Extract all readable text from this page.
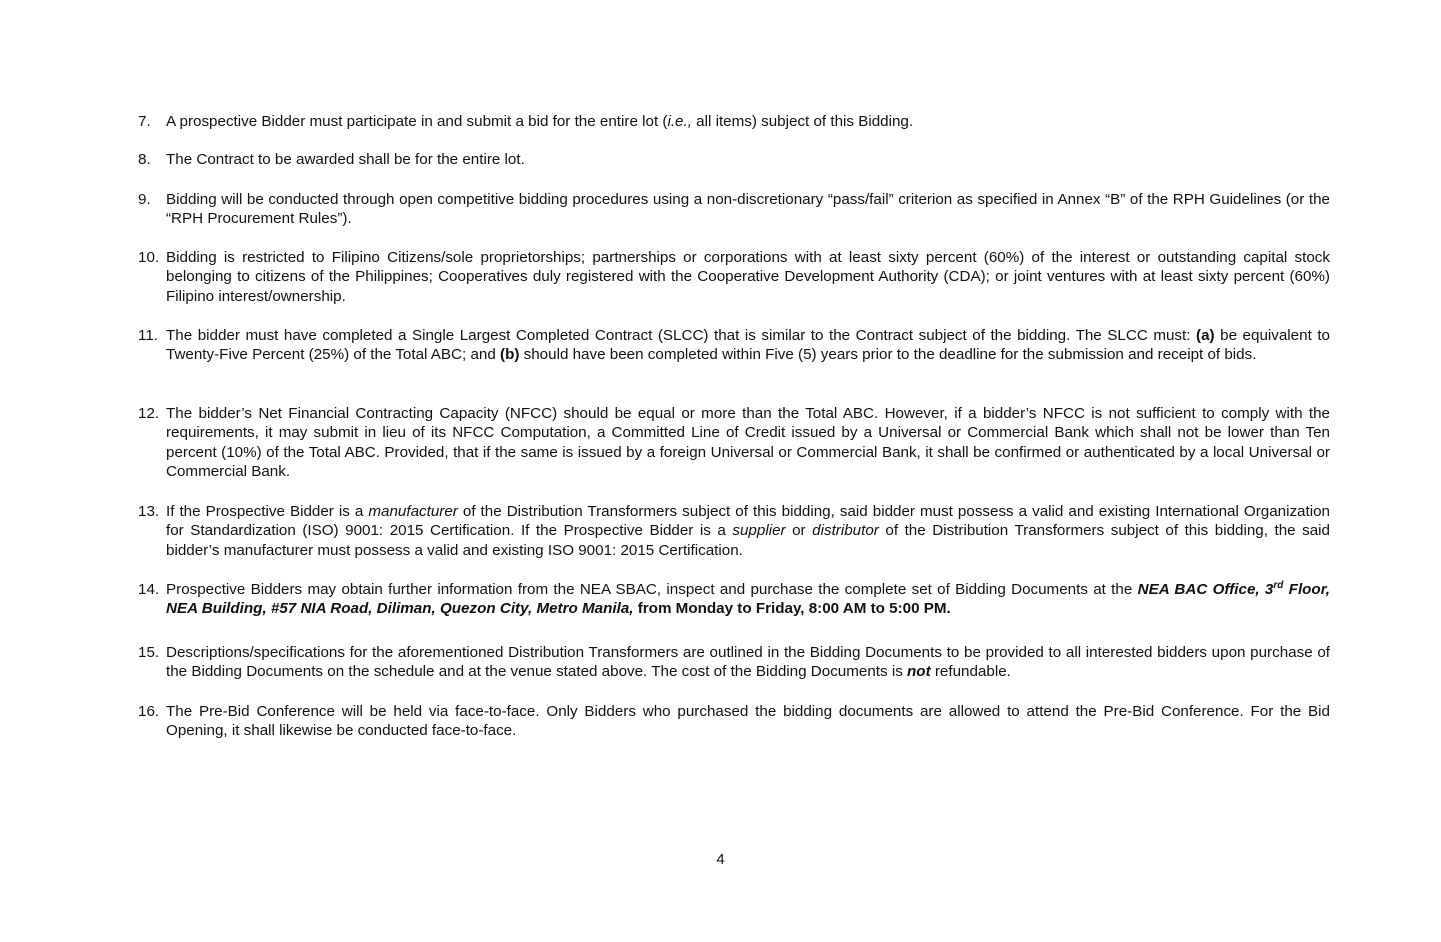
7. A prospective Bidder must participate in and submit a bid for the entire lot (i.e., all items) subject of this Bidding.
8. The Contract to be awarded shall be for the entire lot.
9. Bidding will be conducted through open competitive bidding procedures using a non-discretionary “pass/fail” criterion as specified in Annex “B” of the RPH Guidelines (or the “RPH Procurement Rules”).
10. Bidding is restricted to Filipino Citizens/sole proprietorships; partnerships or corporations with at least sixty percent (60%) of the interest or outstanding capital stock belonging to citizens of the Philippines; Cooperatives duly registered with the Cooperative Development Authority (CDA); or joint ventures with at least sixty percent (60%) Filipino interest/ownership.
11. The bidder must have completed a Single Largest Completed Contract (SLCC) that is similar to the Contract subject of the bidding. The SLCC must: (a) be equivalent to Twenty-Five Percent (25%) of the Total ABC; and (b) should have been completed within Five (5) years prior to the deadline for the submission and receipt of bids.
12. The bidder’s Net Financial Contracting Capacity (NFCC) should be equal or more than the Total ABC. However, if a bidder’s NFCC is not sufficient to comply with the requirements, it may submit in lieu of its NFCC Computation, a Committed Line of Credit issued by a Universal or Commercial Bank which shall not be lower than Ten percent (10%) of the Total ABC. Provided, that if the same is issued by a foreign Universal or Commercial Bank, it shall be confirmed or authenticated by a local Universal or Commercial Bank.
13. If the Prospective Bidder is a manufacturer of the Distribution Transformers subject of this bidding, said bidder must possess a valid and existing International Organization for Standardization (ISO) 9001: 2015 Certification. If the Prospective Bidder is a supplier or distributor of the Distribution Transformers subject of this bidding, the said bidder’s manufacturer must possess a valid and existing ISO 9001: 2015 Certification.
14. Prospective Bidders may obtain further information from the NEA SBAC, inspect and purchase the complete set of Bidding Documents at the NEA BAC Office, 3rd Floor, NEA Building, #57 NIA Road, Diliman, Quezon City, Metro Manila, from Monday to Friday, 8:00 AM to 5:00 PM.
15. Descriptions/specifications for the aforementioned Distribution Transformers are outlined in the Bidding Documents to be provided to all interested bidders upon purchase of the Bidding Documents on the schedule and at the venue stated above. The cost of the Bidding Documents is not refundable.
16. The Pre-Bid Conference will be held via face-to-face. Only Bidders who purchased the bidding documents are allowed to attend the Pre-Bid Conference. For the Bid Opening, it shall likewise be conducted face-to-face.
4
